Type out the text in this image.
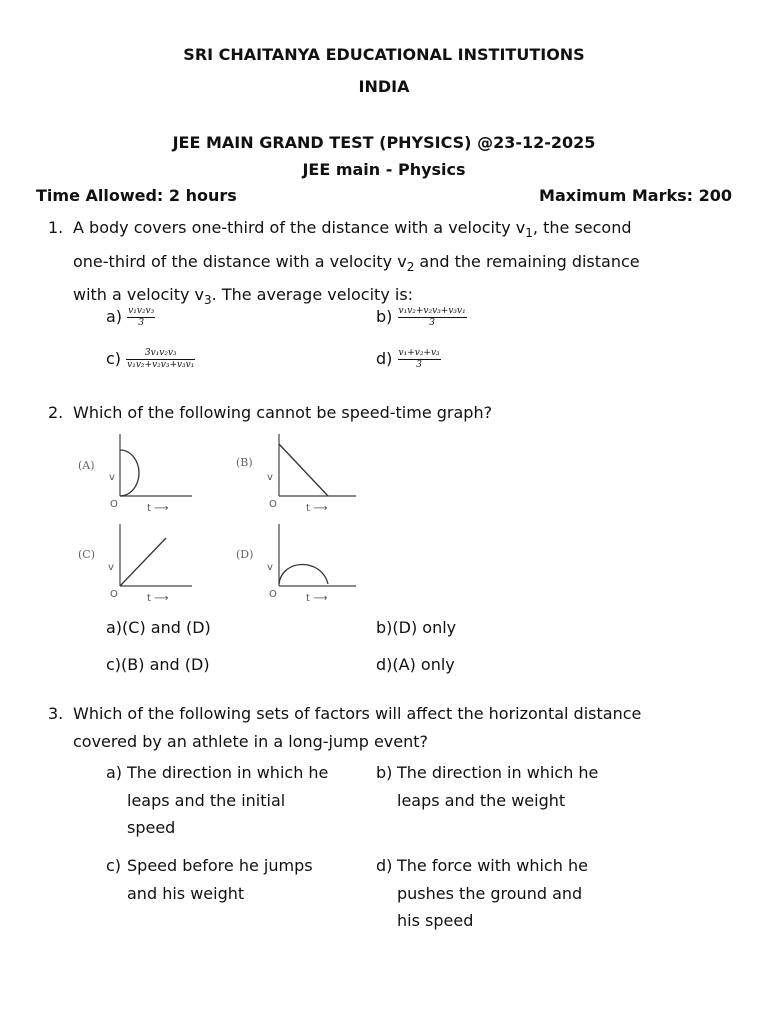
SRI CHAITANYA EDUCATIONAL INSTITUTIONS
INDIA
JEE MAIN GRAND TEST (PHYSICS) @23-12-2025
JEE main - Physics
Time Allowed: 2 hours	Maximum Marks: 200
1. A body covers one-third of the distance with a velocity $v_1$, the second
one-third of the distance with a velocity $v_2$ and the remaining distance
with a velocity $v_3$. The average velocity is:
$a) \frac{\text{v₁v₂v₃}}{3}$	$b) \frac{\text{v₁v₂+v₂v₃+v₃v₁}}{3}$
$c) \frac{\text{3v₁v₂v₃}}{\text{v₁v₂+v₂v₃+v₃v₁}}$	$d) \frac{\text{v₁+v₂+v₃}}{3}$
2. Which of the following cannot be speed-time graph?
(A)
v
O	t ⟶
(B)
v
O	t ⟶
(C)
v
O	t ⟶
(D)
v
O	t ⟶
a)(C) and (D)	b)(D) only
c)(B) and (D)	d)(A) only
3. Which of the following sets of factors will affect the horizontal distance
covered by an athlete in a long-jump event?
a) The direction in which he
leaps and the initial
speed
b) The direction in which he
leaps and the weight
c) Speed before he jumps
and his weight
d) The force with which he
pushes the ground and
his speed
